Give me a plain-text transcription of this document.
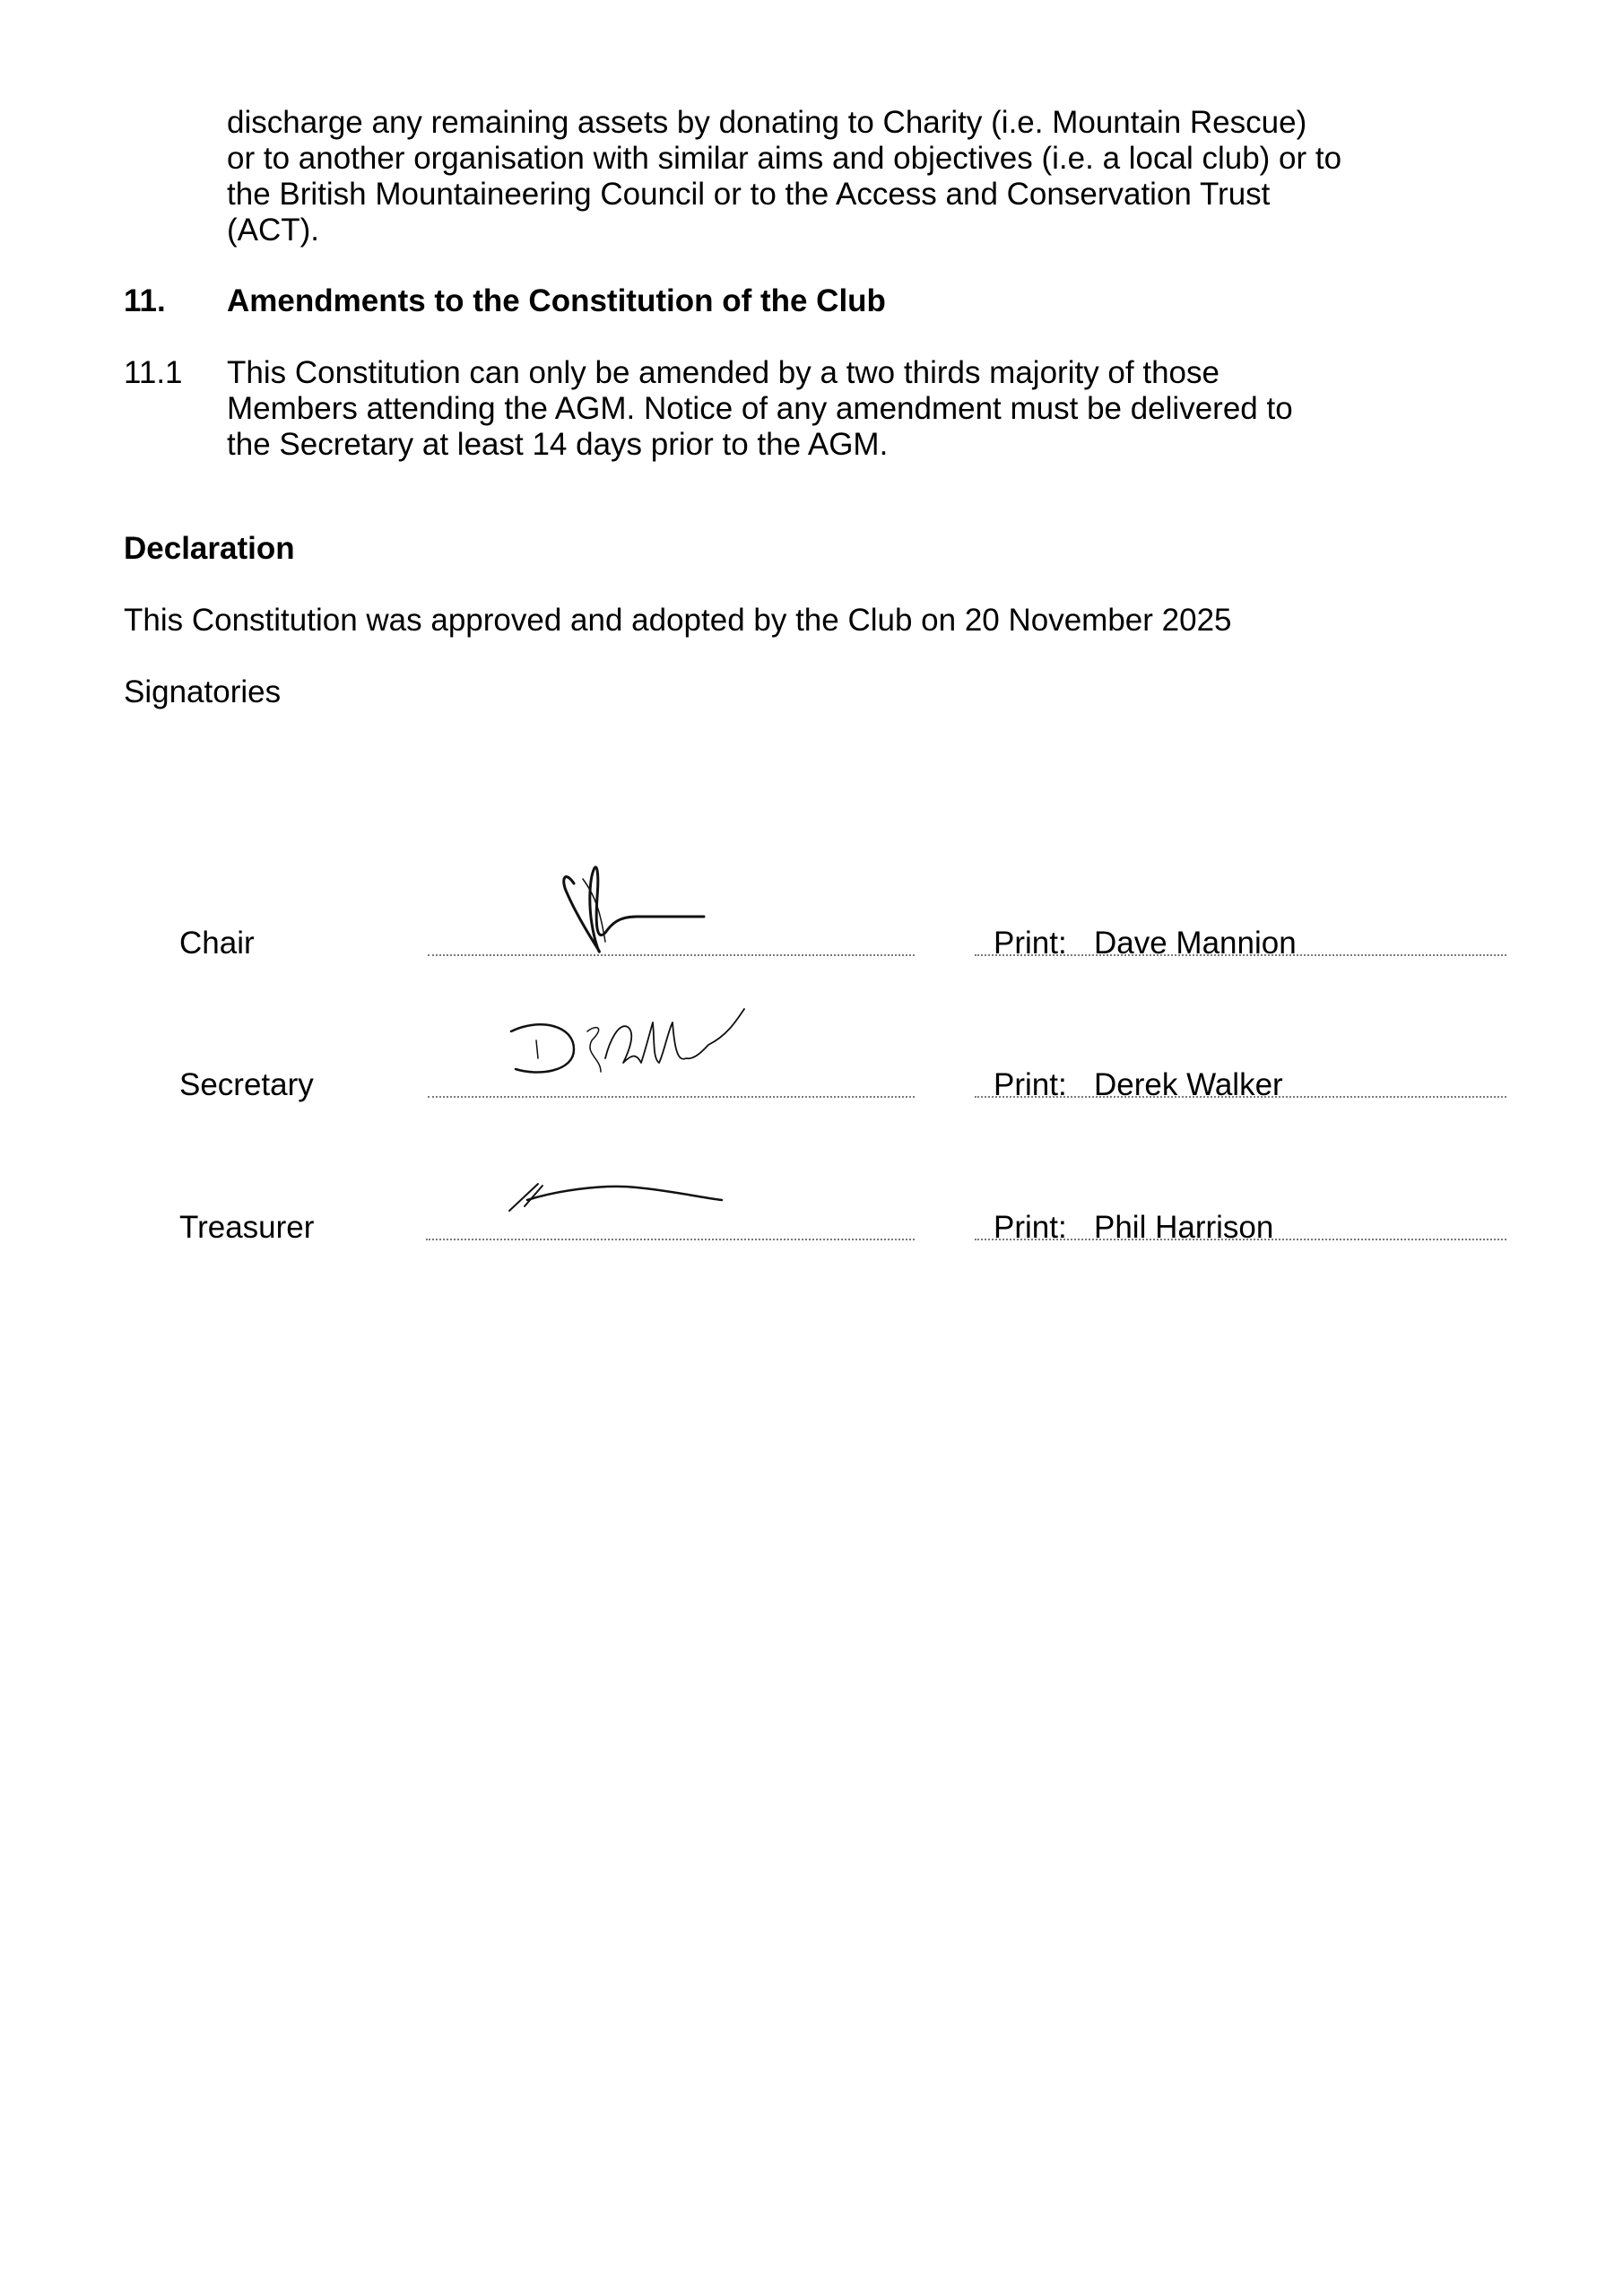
discharge any remaining assets by donating to Charity (i.e. Mountain Rescue)
or to another organisation with similar aims and objectives (i.e. a local club) or to
the British Mountaineering Council or to the Access and Conservation Trust
(ACT).
11. Amendments to the Constitution of the Club
11.1 This Constitution can only be amended by a two thirds majority of those
Members attending the AGM. Notice of any amendment must be delivered to
the Secretary at least 14 days prior to the AGM.
Declaration
This Constitution was approved and adopted by the Club on 20 November 2025
Signatories
Chair	Print: Dave Mannion
Secretary	Print: Derek Walker
Treasurer	Print: Phil Harrison
